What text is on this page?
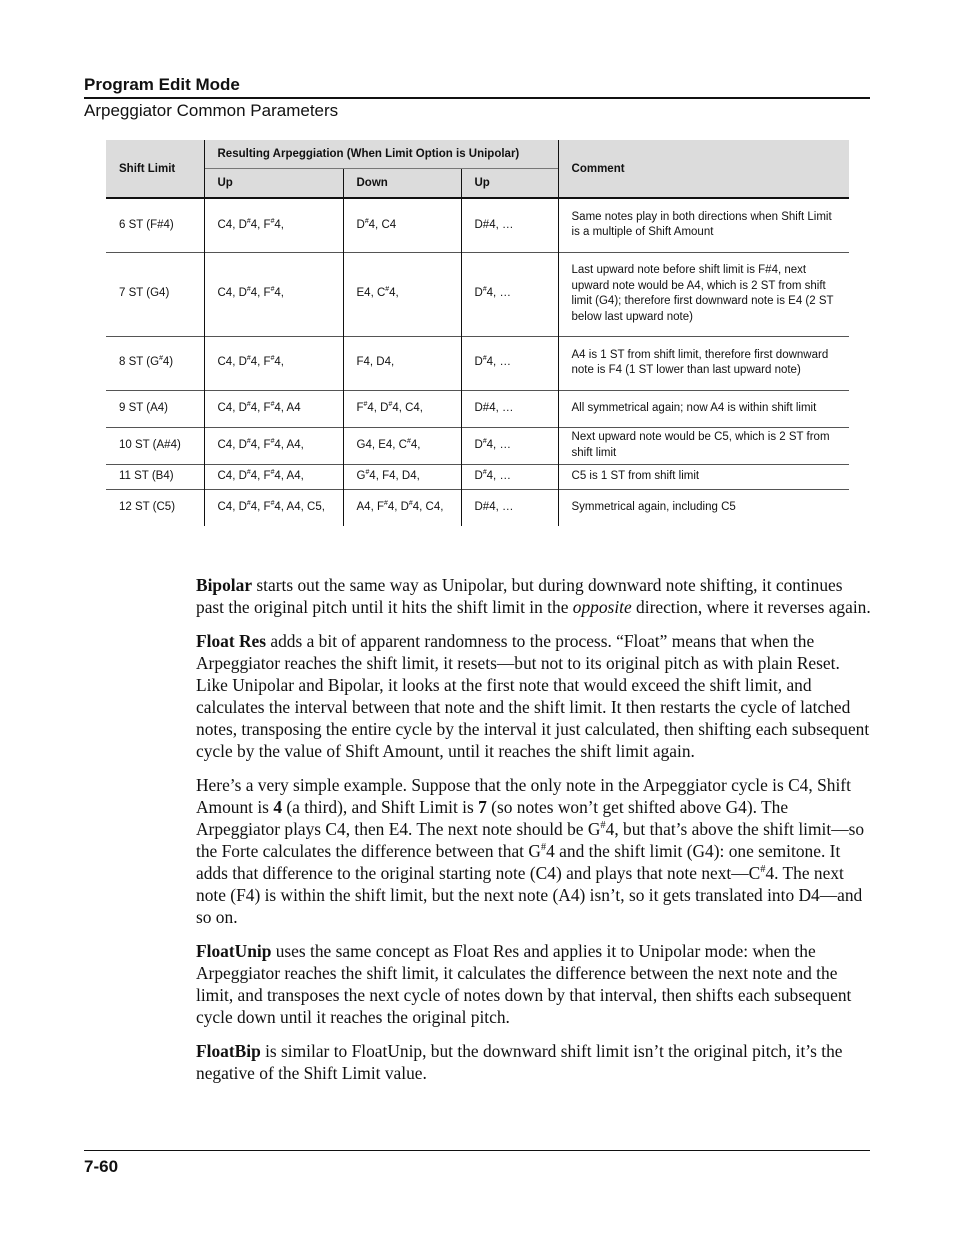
Program Edit Mode
Arpeggiator Common Parameters
Shift Limit	Resulting Arpeggiation (When Limit Option is Unipolar)			Comment
	Up	Down	Up	
6 ST (F#4)	C4, D#4, F#4,	D#4, C4	D#4, …	Same notes play in both directions when Shift Limit is a multiple of Shift Amount
7 ST (G4)	C4, D#4, F#4,	E4, C#4,	D#4, …	Last upward note before shift limit is F#4, next upward note would be A4, which is 2 ST from shift limit (G4); therefore first downward note is E4 (2 ST below last upward note)
8 ST (G#4)	C4, D#4, F#4,	F4, D4,	D#4, …	A4 is 1 ST from shift limit, therefore first downward note is F4 (1 ST lower than last upward note)
9 ST (A4)	C4, D#4, F#4, A4	F#4, D#4, C4,	D#4, …	All symmetrical again; now A4 is within shift limit
10 ST (A#4)	C4, D#4, F#4, A4,	G4, E4, C#4,	D#4, …	Next upward note would be C5, which is 2 ST from shift limit
11 ST (B4)	C4, D#4, F#4, A4,	G#4, F4, D4,	D#4, …	C5 is 1 ST from shift limit
12 ST (C5)	C4, D#4, F#4, A4, C5,	A4, F#4, D#4, C4,	D#4, …	Symmetrical again, including C5

Bipolar starts out the same way as Unipolar, but during downward note shifting, it continues past the original pitch until it hits the shift limit in the opposite direction, where it reverses again.

Float Res adds a bit of apparent randomness to the process. “Float” means that when the Arpeggiator reaches the shift limit, it resets—but not to its original pitch as with plain Reset. Like Unipolar and Bipolar, it looks at the first note that would exceed the shift limit, and calculates the interval between that note and the shift limit. It then restarts the cycle of latched notes, transposing the entire cycle by the interval it just calculated, then shifting each subsequent cycle by the value of Shift Amount, until it reaches the shift limit again.

Here’s a very simple example. Suppose that the only note in the Arpeggiator cycle is C4, Shift Amount is 4 (a third), and Shift Limit is 7 (so notes won’t get shifted above G4). The Arpeggiator plays C4, then E4. The next note should be G#4, but that’s above the shift limit—so the Forte calculates the difference between that G#4 and the shift limit (G4): one semitone. It adds that difference to the original starting note (C4) and plays that note next—C#4. The next note (F4) is within the shift limit, but the next note (A4) isn’t, so it gets translated into D4—and so on.

FloatUnip uses the same concept as Float Res and applies it to Unipolar mode: when the Arpeggiator reaches the shift limit, it calculates the difference between the next note and the limit, and transposes the next cycle of notes down by that interval, then shifts each subsequent cycle down until it reaches the original pitch.

FloatBip is similar to FloatUnip, but the downward shift limit isn’t the original pitch, it’s the negative of the Shift Limit value.

7-60
